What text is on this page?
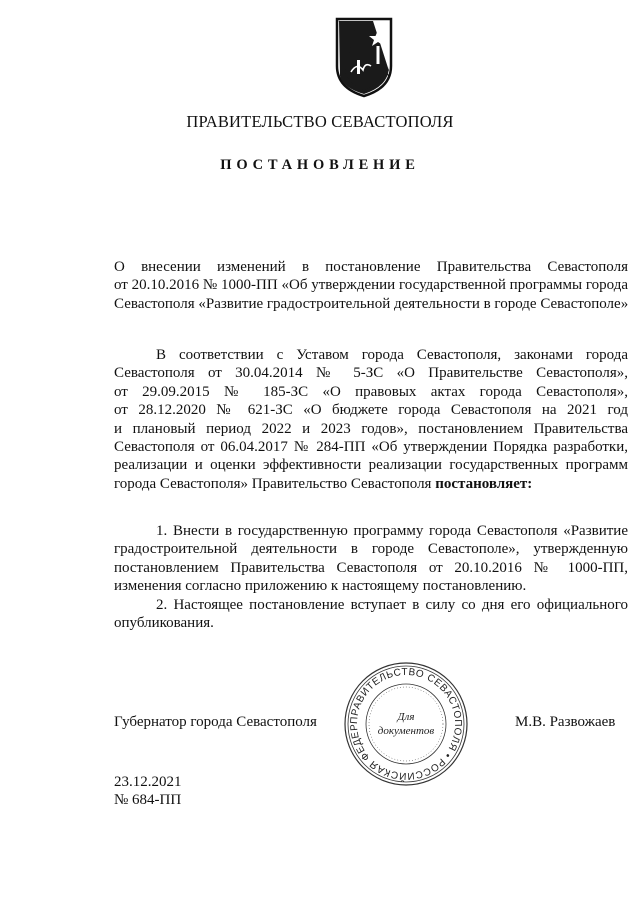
ПРАВИТЕЛЬСТВО СЕВАСТОПОЛЯ
ПОСТАНОВЛЕНИЕ
О внесении изменений в постановление Правительства Севастополя
от 20.10.2016 № 1000-ПП «Об утверждении государственной программы города
Севастополя «Развитие градостроительной деятельности в городе Севастополе»
В соответствии с Уставом города Севастополя, законами города
Севастополя от 30.04.2014 № 5-ЗС «О Правительстве Севастополя»,
от 29.09.2015 № 185-ЗС «О правовых актах города Севастополя»,
от 28.12.2020 № 621-ЗС «О бюджете города Севастополя на 2021 год
и плановый период 2022 и 2023 годов», постановлением Правительства
Севастополя от 06.04.2017 № 284-ПП «Об утверждении Порядка разработки,
реализации и оценки эффективности реализации государственных программ
города Севастополя» Правительство Севастополя постановляет:
1. Внести в государственную программу города Севастополя «Развитие
градостроительной деятельности в городе Севастополе», утвержденную
постановлением Правительства Севастополя от 20.10.2016 № 1000-ПП,
изменения согласно приложению к настоящему постановлению.
2. Настоящее постановление вступает в силу со дня его официального
опубликования.
ПРАВИТЕЛЬСТВО СЕВАСТОПОЛЯ • РОССИЙСКАЯ ФЕДЕР
Для
документов
Губернатор города Севастополя	М.В. Развожаев
23.12.2021
№ 684-ПП
